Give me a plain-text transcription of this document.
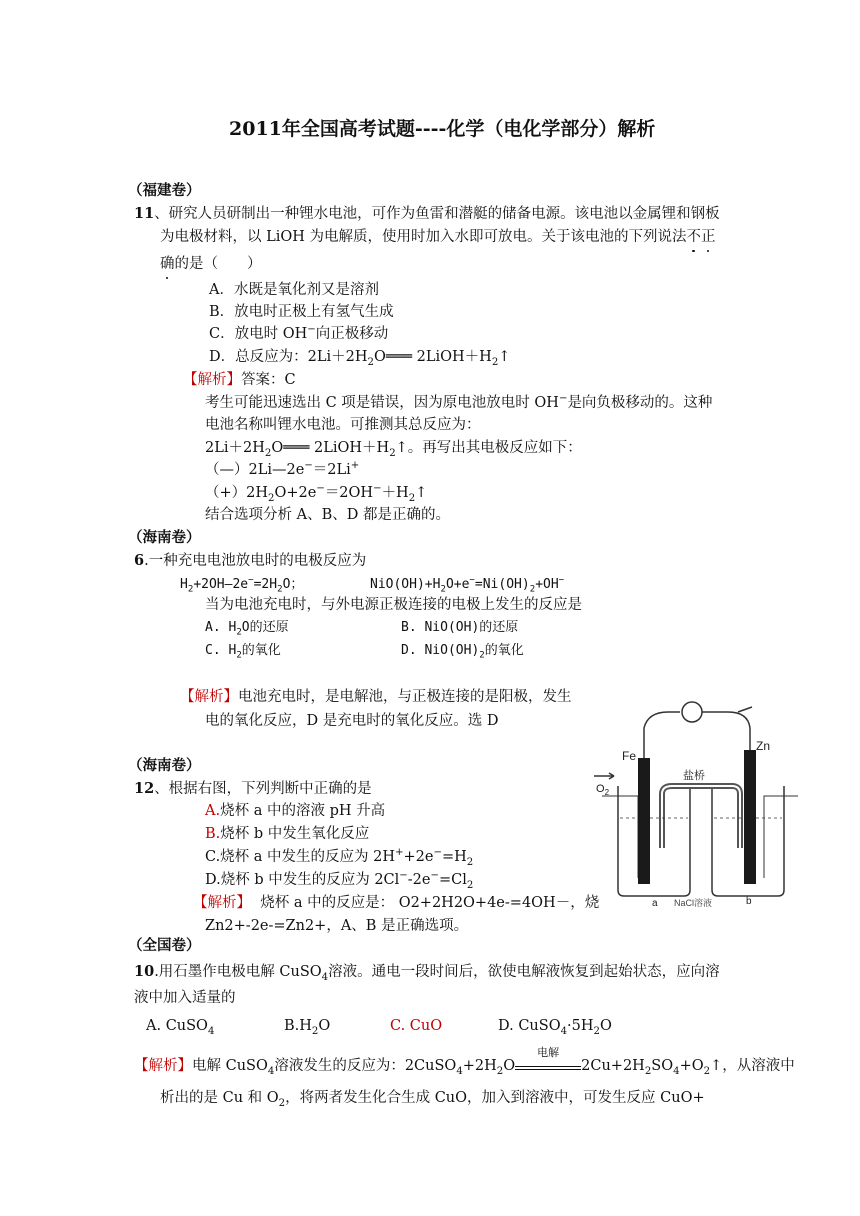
2011年全国高考试题----化学（电化学部分）解析
（福建卷）
11、研究人员研制出一种锂水电池，可作为鱼雷和潜艇的储备电源。该电池以金属锂和钢板
为电极材料，以 LiOH 为电解质，使用时加入水即可放电。关于该电池的下列说法不正
确的是（　　）
A．水既是氧化剂又是溶剂
B．放电时正极上有氢气生成
C．放电时 OH−向正极移动
D．总反应为：$2Li+2H_2O═══$ $2LiOH+H_2↑$
【解析】答案：C
考生可能迅速选出 C 项是错误，因为原电池放电时 OH−是向负极移动的。这种
电池名称叫锂水电池。可推测其总反应为：
$2Li+2H_2O═══$ $2LiOH+H_2↑$。再写出其电极反应如下：
（—）2Li—2e−＝2Li+
$(+)2H_2O+2e^-=2OH^-+H_2↑$
结合选项分析 A、B、D 都是正确的。
（海南卷）
6.一种充电电池放电时的电极反应为
$H_2+2OH—2e^-=2H_2O$；	$NiO(OH)+H_2O+e^-=Ni(OH)_2+OH^-$
当为电池充电时，与外电源正极连接的电极上发生的反应是
A. $H_2O$的还原	B. NiO(OH)的还原
C. $H_2$的氧化	D. $NiO(OH)_2$的氧化
【解析】电池充电时，是电解池，与正极连接的是阳极，发生
电的氧化反应，D 是充电时的氧化反应。选 D
（海南卷）
12、根据右图，下列判断中正确的是
A.烧杯 a 中的溶液 pH 升高
B.烧杯 b 中发生氧化反应
C.烧杯 a 中发生的反应为 $2H^++2e^-=H_2$
D.烧杯 b 中发生的反应为 $2Cl^--2e^-=Cl_2$
【解析】 烧杯 a 中的反应是： O2+2H2O+4e-=4OH－，烧
Zn2+-2e-=Zn2+，A、B 是正确选项。
Fe
Zn
盐桥
$O_2$
a	b
NaCl溶液
（全国卷）
10.用石墨作电极电解 CuSO$_4$溶液。通电一段时间后，欲使电解液恢复到起始状态，应向溶
液中加入适量的
A. CuSO$_4$	$B.H_2O$	C. CuO	D. $CuSO_4\cdot 5H_2O$
【解析】电解 CuSO$_4$溶液发生的反应为：$2CuSO_4+2H_2O$
电解
$2Cu+2H_2SO_4+O_2↑$，从溶液中
析出的是 Cu 和 $O_2$，将两者发生化合生成 CuO，加入到溶液中，可发生反应 CuO+
